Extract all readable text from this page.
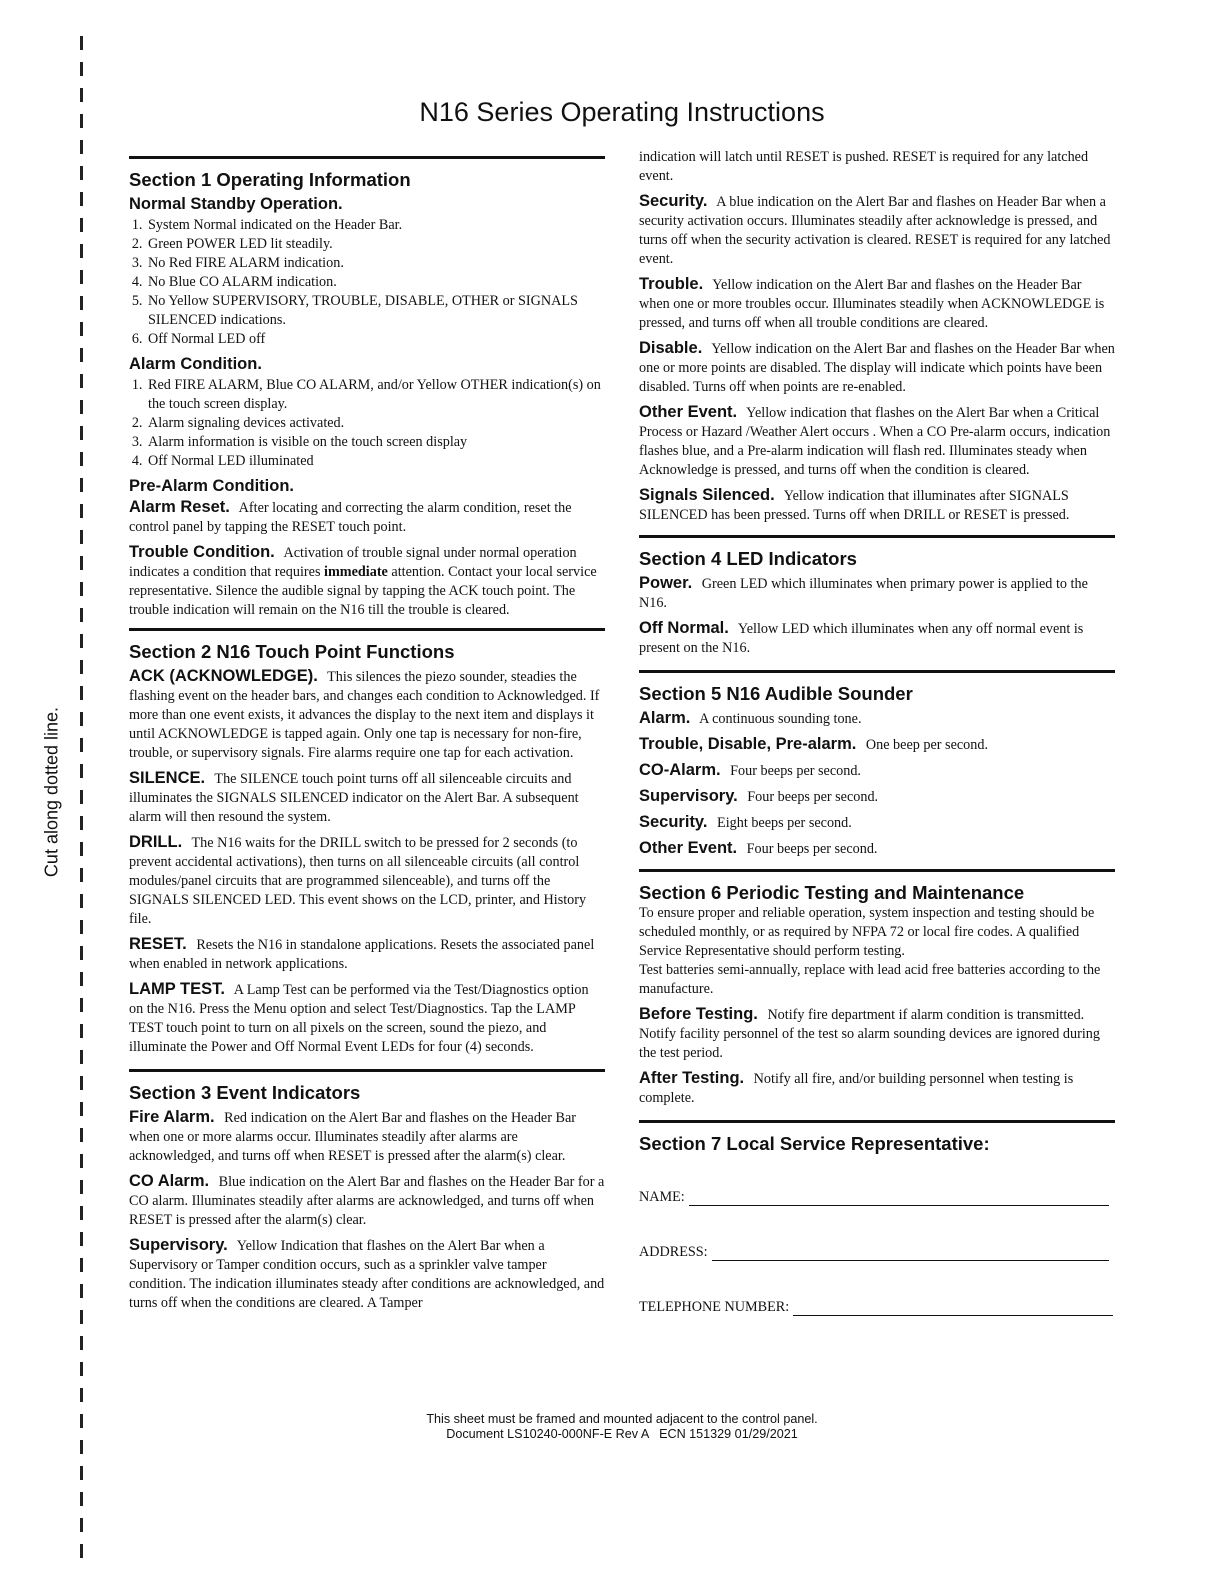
Cut along dotted line.
N16 Series Operating Instructions
Section 1 Operating Information
Normal Standby Operation.
1. System Normal indicated on the Header Bar.
2. Green POWER LED lit steadily.
3. No Red FIRE ALARM indication.
4. No Blue CO ALARM indication.
5. No Yellow SUPERVISORY, TROUBLE, DISABLE, OTHER or SIGNALS SILENCED indications.
6. Off Normal LED off
Alarm Condition.
1. Red FIRE ALARM, Blue CO ALARM, and/or Yellow OTHER indication(s) on the touch screen display.
2. Alarm signaling devices activated.
3. Alarm information is visible on the touch screen display
4. Off Normal LED illuminated
Pre-Alarm Condition.

Alarm Reset. After locating and correcting the alarm condition, reset the control panel by tapping the RESET touch point.

Trouble Condition. Activation of trouble signal under normal operation indicates a condition that requires immediate attention. Contact your local service representative. Silence the audible signal by tapping the ACK touch point. The trouble indication will remain on the N16 till the trouble is cleared.

Section 2 N16 Touch Point Functions

ACK (ACKNOWLEDGE). This silences the piezo sounder, steadies the flashing event on the header bars, and changes each condition to Acknowledged. If more than one event exists, it advances the display to the next item and displays it until ACKNOWLEDGE is tapped again. Only one tap is necessary for non-fire, trouble, or supervisory signals. Fire alarms require one tap for each activation.

SILENCE. The SILENCE touch point turns off all silenceable circuits and illuminates the SIGNALS SILENCED indicator on the Alert Bar. A subsequent alarm will then resound the system.

DRILL. The N16 waits for the DRILL switch to be pressed for 2 seconds (to prevent accidental activations), then turns on all silenceable circuits (all control modules/panel circuits that are programmed silenceable), and turns off the SIGNALS SILENCED LED. This event shows on the LCD, printer, and History file.

RESET. Resets the N16 in standalone applications. Resets the associated panel when enabled in network applications.

LAMP TEST. A Lamp Test can be performed via the Test/Diagnostics option on the N16. Press the Menu option and select Test/Diagnostics. Tap the LAMP TEST touch point to turn on all pixels on the screen, sound the piezo, and illuminate the Power and Off Normal Event LEDs for four (4) seconds.

Section 3 Event Indicators

Fire Alarm. Red indication on the Alert Bar and flashes on the Header Bar when one or more alarms occur. Illuminates steadily after alarms are acknowledged, and turns off when RESET is pressed after the alarm(s) clear.

CO Alarm. Blue indication on the Alert Bar and flashes on the Header Bar for a CO alarm. Illuminates steadily after alarms are acknowledged, and turns off when RESET is pressed after the alarm(s) clear.

Supervisory. Yellow Indication that flashes on the Alert Bar when a Supervisory or Tamper condition occurs, such as a sprinkler valve tamper condition. The indication illuminates steady after conditions are acknowledged, and turns off when the conditions are cleared. A Tamper

indication will latch until RESET is pushed. RESET is required for any latched event.

Security. A blue indication on the Alert Bar and flashes on Header Bar when a security activation occurs. Illuminates steadily after acknowledge is pressed, and turns off when the security activation is cleared. RESET is required for any latched event.

Trouble. Yellow indication on the Alert Bar and flashes on the Header Bar when one or more troubles occur. Illuminates steadily when ACKNOWLEDGE is pressed, and turns off when all trouble conditions are cleared.

Disable. Yellow indication on the Alert Bar and flashes on the Header Bar when one or more points are disabled. The display will indicate which points have been disabled. Turns off when points are re-enabled.

Other Event. Yellow indication that flashes on the Alert Bar when a Critical Process or Hazard /Weather Alert occurs . When a CO Pre-alarm occurs, indication flashes blue, and a Pre-alarm indication will flash red. Illuminates steady when Acknowledge is pressed, and turns off when the condition is cleared.

Signals Silenced. Yellow indication that illuminates after SIGNALS SILENCED has been pressed. Turns off when DRILL or RESET is pressed.

Section 4 LED Indicators

Power. Green LED which illuminates when primary power is applied to the N16.

Off Normal. Yellow LED which illuminates when any off normal event is present on the N16.

Section 5 N16 Audible Sounder

Alarm. A continuous sounding tone.

Trouble, Disable, Pre-alarm. One beep per second.

CO-Alarm. Four beeps per second.

Supervisory. Four beeps per second.

Security. Eight beeps per second.

Other Event. Four beeps per second.

Section 6 Periodic Testing and Maintenance

To ensure proper and reliable operation, system inspection and testing should be scheduled monthly, or as required by NFPA 72 or local fire codes. A qualified Service Representative should perform testing.

Test batteries semi-annually, replace with lead acid free batteries according to the manufacture.

Before Testing. Notify fire department if alarm condition is transmitted. Notify facility personnel of the test so alarm sounding devices are ignored during the test period.

After Testing. Notify all fire, and/or building personnel when testing is complete.

Section 7 Local Service Representative:
NAME:
ADDRESS:
TELEPHONE NUMBER:
This sheet must be framed and mounted adjacent to the control panel.
Document LS10240-000NF-E Rev A   ECN 151329 01/29/2021
